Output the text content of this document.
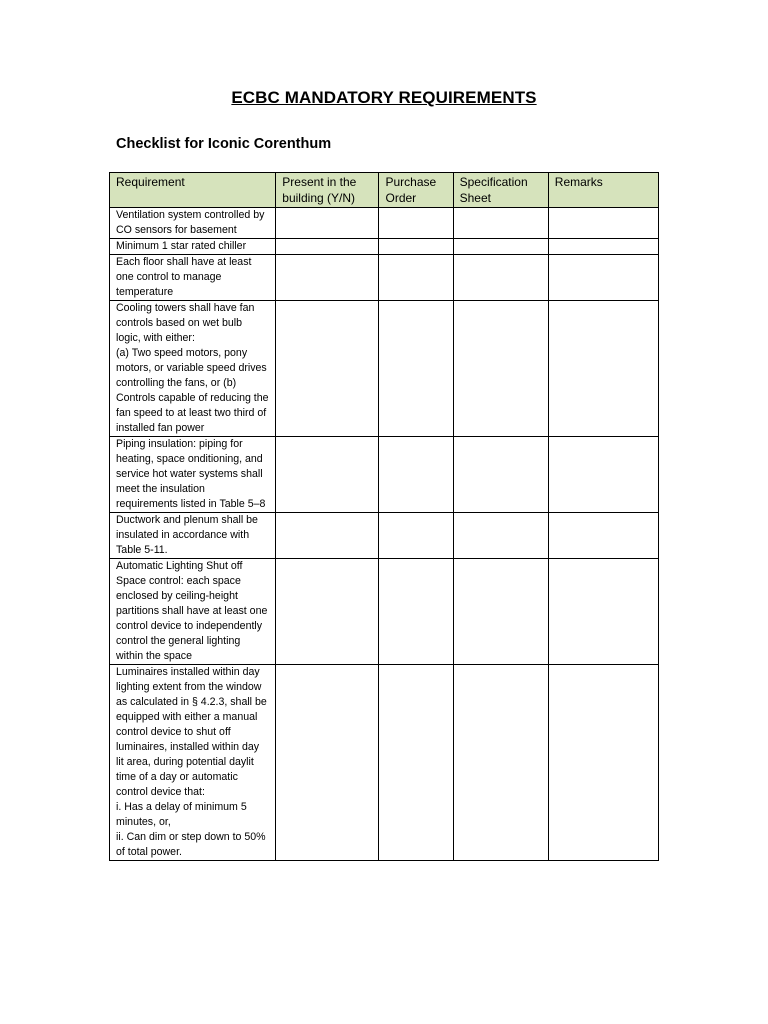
ECBC MANDATORY REQUIREMENTS
Checklist for Iconic Corenthum
Requirement	Present in the building (Y/N)	Purchase Order	Specification Sheet	Remarks

Ventilation system controlled by CO sensors for basement				

Minimum 1 star rated chiller				

Each floor shall have at least one control to manage temperature				

Cooling towers shall have fan controls based on wet bulb logic, with either:
(a) Two speed motors, pony motors, or variable speed drives controlling the fans, or (b) Controls capable of reducing the fan speed to at least two third of installed fan power				

Piping insulation: piping for heating, space onditioning, and service hot water systems shall meet the insulation requirements listed in Table 5–8				

Ductwork and plenum shall be insulated in accordance with Table 5-11.				

Automatic Lighting Shut off Space control: each space enclosed by ceiling-height partitions shall have at least one control device to independently control the general lighting within the space				

Luminaires installed within day lighting extent from the window as calculated in § 4.2.3, shall be equipped with either a manual control device to shut off luminaires, installed within day lit area, during potential daylit time of a day or automatic control device that:
i. Has a delay of minimum 5 minutes, or,
ii. Can dim or step down to 50% of total power.				
